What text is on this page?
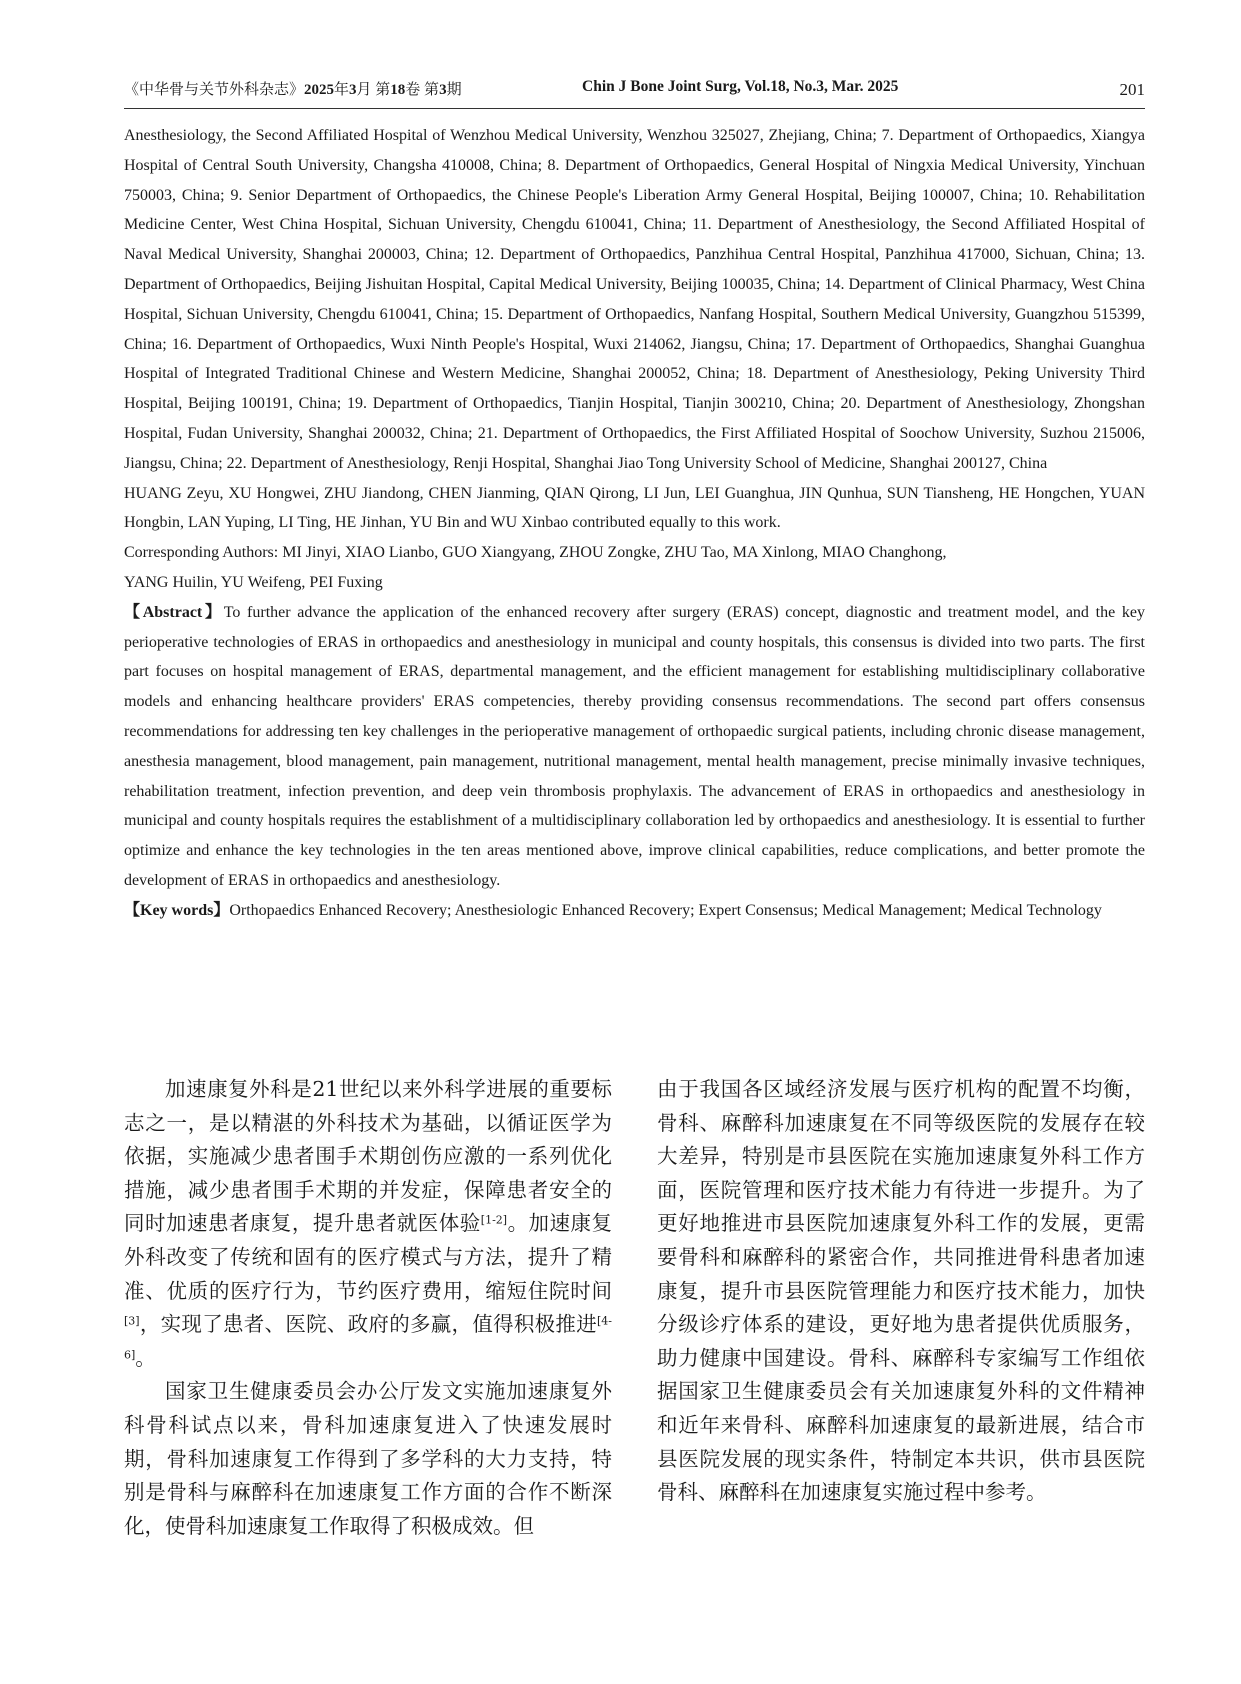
《中华骨与关节外科杂志》2025年3月 第18卷 第3期	Chin J Bone Joint Surg, Vol.18, No.3, Mar. 2025	201

Anesthesiology, the Second Affiliated Hospital of Wenzhou Medical University, Wenzhou 325027, Zhejiang, China; 7. Department of Orthopaedics, Xiangya Hospital of Central South University, Changsha 410008, China; 8. Department of Orthopaedics, General Hospital of Ningxia Medical University, Yinchuan 750003, China; 9. Senior Department of Orthopaedics, the Chinese People's Liberation Army General Hospital, Beijing 100007, China; 10. Rehabilitation Medicine Center, West China Hospital, Sichuan University, Chengdu 610041, China; 11. Department of Anesthesiology, the Second Affiliated Hospital of Naval Medical University, Shanghai 200003, China; 12. Department of Orthopaedics, Panzhihua Central Hospital, Panzhihua 417000, Sichuan, China; 13. Department of Orthopaedics, Beijing Jishuitan Hospital, Capital Medical University, Beijing 100035, China; 14. Department of Clinical Pharmacy, West China Hospital, Sichuan University, Chengdu 610041, China; 15. Department of Orthopaedics, Nanfang Hospital, Southern Medical University, Guangzhou 515399, China; 16. Department of Orthopaedics, Wuxi Ninth People's Hospital, Wuxi 214062, Jiangsu, China; 17. Department of Orthopaedics, Shanghai Guanghua Hospital of Integrated Traditional Chinese and Western Medicine, Shanghai 200052, China; 18. Department of Anesthesiology, Peking University Third Hospital, Beijing 100191, China; 19. Department of Orthopaedics, Tianjin Hospital, Tianjin 300210, China; 20. Department of Anesthesiology, Zhongshan Hospital, Fudan University, Shanghai 200032, China; 21. Department of Orthopaedics, the First Affiliated Hospital of Soochow University, Suzhou 215006, Jiangsu, China; 22. Department of Anesthesiology, Renji Hospital, Shanghai Jiao Tong University School of Medicine, Shanghai 200127, China

HUANG Zeyu, XU Hongwei, ZHU Jiandong, CHEN Jianming, QIAN Qirong, LI Jun, LEI Guanghua, JIN Qunhua, SUN Tiansheng, HE Hongchen, YUAN Hongbin, LAN Yuping, LI Ting, HE Jinhan, YU Bin and WU Xinbao contributed equally to this work.

Corresponding Authors: MI Jinyi, XIAO Lianbo, GUO Xiangyang, ZHOU Zongke, ZHU Tao, MA Xinlong, MIAO Changhong,
YANG Huilin, YU Weifeng, PEI Fuxing

【Abstract】To further advance the application of the enhanced recovery after surgery (ERAS) concept, diagnostic and treatment model, and the key perioperative technologies of ERAS in orthopaedics and anesthesiology in municipal and county hospitals, this consensus is divided into two parts. The first part focuses on hospital management of ERAS, departmental management, and the efficient management for establishing multidisciplinary collaborative models and enhancing healthcare providers' ERAS competencies, thereby providing consensus recommendations. The second part offers consensus recommendations for addressing ten key challenges in the perioperative management of orthopaedic surgical patients, including chronic disease management, anesthesia management, blood management, pain management, nutritional management, mental health management, precise minimally invasive techniques, rehabilitation treatment, infection prevention, and deep vein thrombosis prophylaxis. The advancement of ERAS in orthopaedics and anesthesiology in municipal and county hospitals requires the establishment of a multidisciplinary collaboration led by orthopaedics and anesthesiology. It is essential to further optimize and enhance the key technologies in the ten areas mentioned above, improve clinical capabilities, reduce complications, and better promote the development of ERAS in orthopaedics and anesthesiology.

【Key words】Orthopaedics Enhanced Recovery; Anesthesiologic Enhanced Recovery; Expert Consensus; Medical Management; Medical Technology

加速康复外科是21世纪以来外科学进展的重要标志之一，是以精湛的外科技术为基础，以循证医学为依据，实施减少患者围手术期创伤应激的一系列优化措施，减少患者围手术期的并发症，保障患者安全的同时加速患者康复，提升患者就医体验[1-2]。加速康复外科改变了传统和固有的医疗模式与方法，提升了精准、优质的医疗行为，节约医疗费用，缩短住院时间[3]，实现了患者、医院、政府的多赢，值得积极推进[4-6]。

国家卫生健康委员会办公厅发文实施加速康复外科骨科试点以来，骨科加速康复进入了快速发展时期，骨科加速康复工作得到了多学科的大力支持，特别是骨科与麻醉科在加速康复工作方面的合作不断深化，使骨科加速康复工作取得了积极成效。但

由于我国各区域经济发展与医疗机构的配置不均衡，骨科、麻醉科加速康复在不同等级医院的发展存在较大差异，特别是市县医院在实施加速康复外科工作方面，医院管理和医疗技术能力有待进一步提升。为了更好地推进市县医院加速康复外科工作的发展，更需要骨科和麻醉科的紧密合作，共同推进骨科患者加速康复，提升市县医院管理能力和医疗技术能力，加快分级诊疗体系的建设，更好地为患者提供优质服务，助力健康中国建设。骨科、麻醉科专家编写工作组依据国家卫生健康委员会有关加速康复外科的文件精神和近年来骨科、麻醉科加速康复的最新进展，结合市县医院发展的现实条件，特制定本共识，供市县医院骨科、麻醉科在加速康复实施过程中参考。
